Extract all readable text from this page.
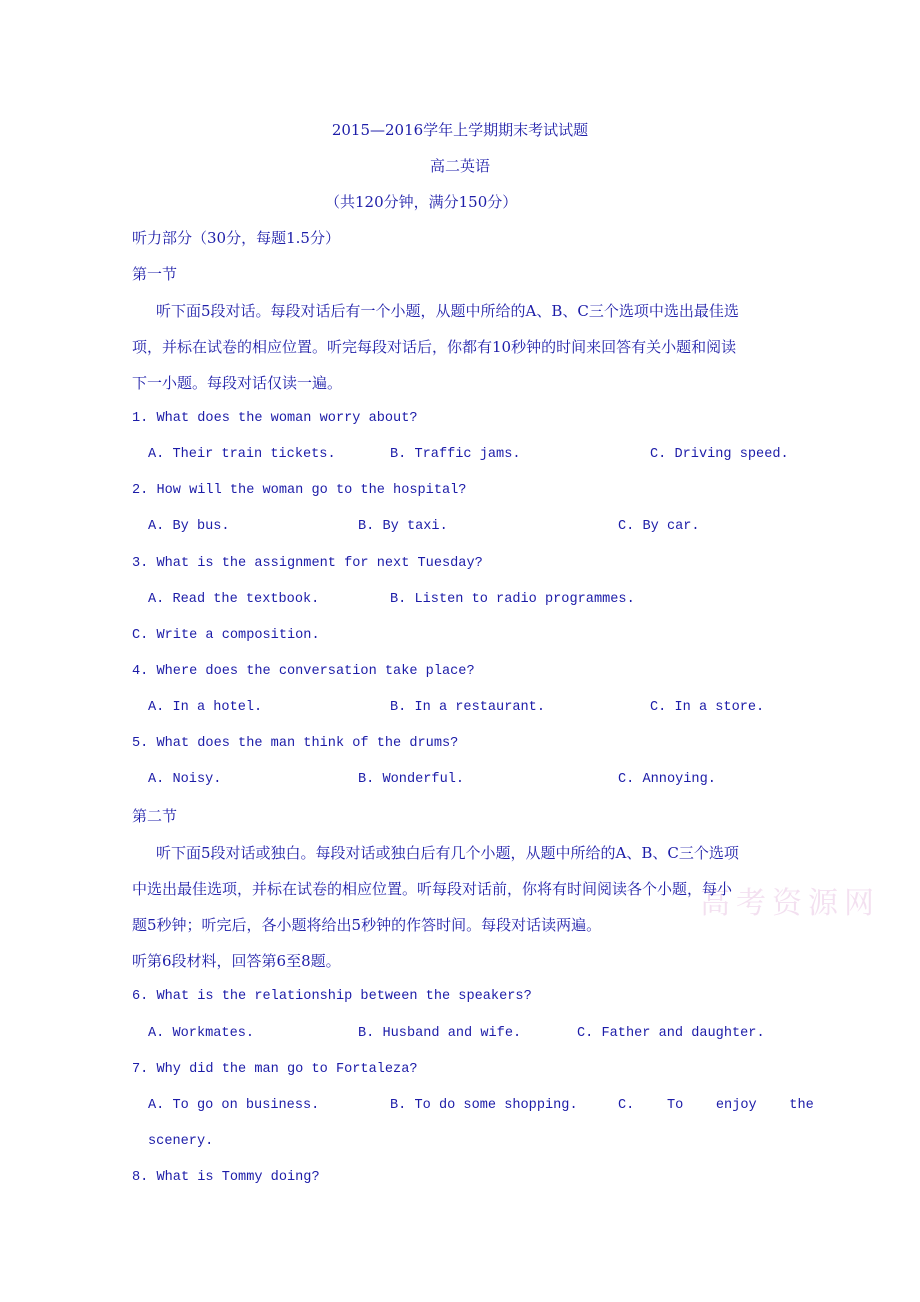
高考资源网
2015—2016学年上学期期末考试试题
高二英语
（共120分钟，满分150分）
听力部分（30分，每题1.5分）
第一节
听下面5段对话。每段对话后有一个小题，从题中所给的A、B、C三个选项中选出最佳选
项，并标在试卷的相应位置。听完每段对话后，你都有10秒钟的时间来回答有关小题和阅读
下一小题。每段对话仅读一遍。
1. What does the woman worry about?
A. Their train tickets.	B. Traffic jams.	C. Driving speed.
2. How will the woman go to the hospital?
A. By bus.	B. By taxi.	C. By car.
3. What is the assignment for next Tuesday?
A. Read the textbook.	B. Listen to radio programmes.
C. Write a composition.
4. Where does the conversation take place?
A. In a hotel.	B. In a restaurant.	C. In a store.
5. What does the man think of the drums?
A. Noisy.	B. Wonderful.	C. Annoying.
第二节
听下面5段对话或独白。每段对话或独白后有几个小题，从题中所给的A、B、C三个选项
中选出最佳选项，并标在试卷的相应位置。听每段对话前，你将有时间阅读各个小题，每小
题5秒钟；听完后，各小题将给出5秒钟的作答时间。每段对话读两遍。
听第6段材料，回答第6至8题。
6. What is the relationship between the speakers?
A. Workmates.	B. Husband and wife.	C. Father and daughter.
7. Why did the man go to Fortaleza?
A. To go on business.	B. To do some shopping.	C.    To    enjoy    the
scenery.
8. What is Tommy doing?
